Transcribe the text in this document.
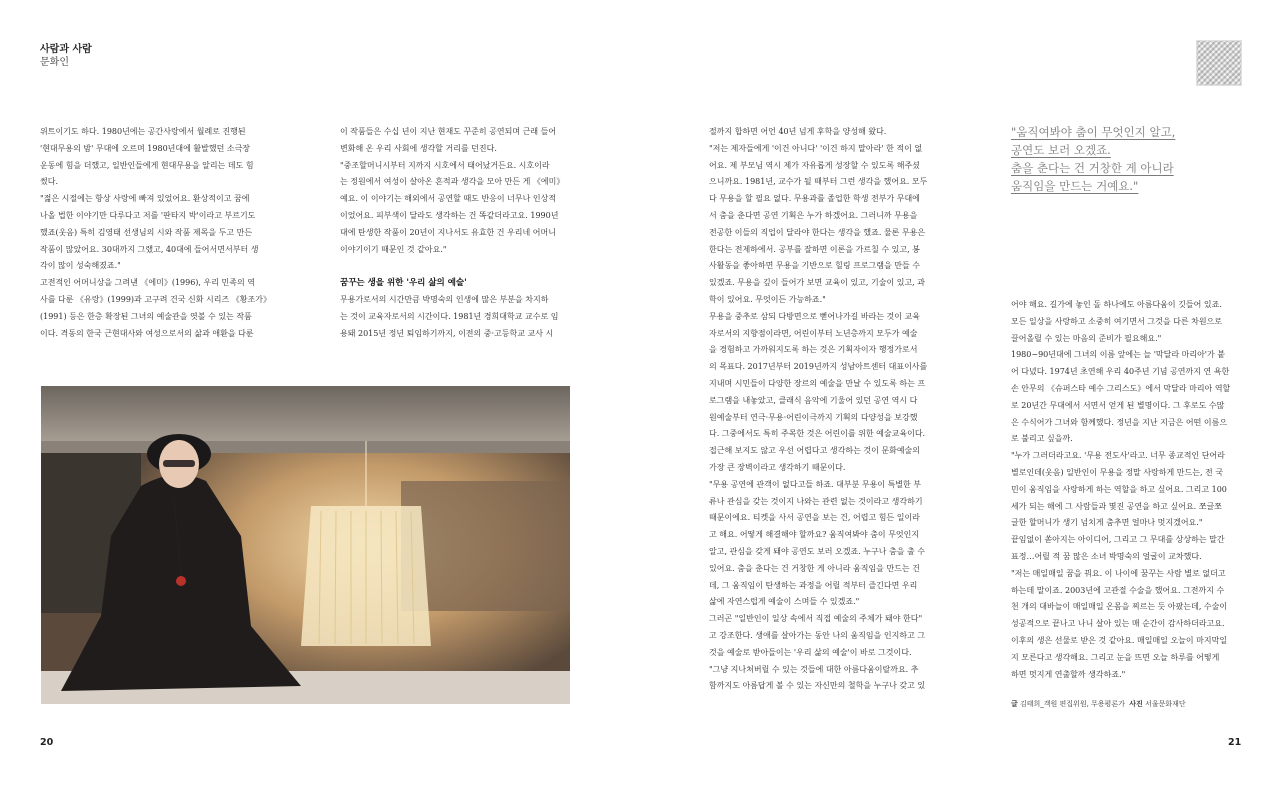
사람과 사람
문화인

위트이기도 하다. 1980년에는 공간사랑에서 월례로 진행된

'현대무용의 밤' 무대에 오르며 1980년대에 활발했던 소극장

운동에 힘을 더했고, 일반인들에게 현대무용을 알리는 데도 힘

썼다.

"젊은 시절에는 항상 사랑에 빠져 있었어요. 환상적이고 꿈에

나올 법한 이야기만 다루다고 저를 '판타지 박'이라고 부르기도

했죠(웃음) 특히 김영태 선생님의 시와 작품 제목을 두고 만든

작품이 많았어요. 30대까지 그랬고, 40대에 들어서면서부터 생

각이 많이 성숙해졌죠."

고전적인 어머니상을 그려낸 《에미》(1996), 우리 민족의 역

사를 다룬 《유랑》(1999)과 고구려 건국 신화 시리즈 《황조가》

(1991) 등은 한층 확장된 그녀의 예술관을 엿볼 수 있는 작품

이다. 격동의 한국 근현대사와 여성으로서의 삶과 애환을 다룬

이 작품들은 수십 년이 지난 현재도 꾸준히 공연되며 근래 들어

변화해 온 우리 사회에 생각할 거리를 던진다.

"중조할머니시부터 지까지 시호에서 태어났거든요. 시호이라

는 정원에서 여성이 살아온 흔적과 생각을 모아 만든 게 《에미》

예요. 이 이야기는 해외에서 공연할 때도 반응이 너무나 인상적

이었어요. 피부색이 달라도 생각하는 건 똑같더라고요. 1990년

대에 탄생한 작품이 20년이 지나서도 유효한 건 우리네 어머니

이야기이기 때문인 것 같아요."

꿈꾸는 생을 위한 '우리 삶의 예술'

무용가로서의 시간만큼 박명숙의 인생에 많은 부분을 차지하

는 것이 교육자로서의 시간이다. 1981년 경희대학교 교수로 임

용돼 2015년 정년 퇴임하기까지, 이전의 중·고등학교 교사 시

절까지 합하면 어언 40년 넘게 후학을 양성해 왔다.

"저는 제자들에게 '이건 아니다' '이건 하지 말아라' 한 적이 없

어요. 제 부모님 역시 제가 자유롭게 성장할 수 있도록 해주셨

으니까요. 1981년, 교수가 될 때부터 그런 생각을 했어요. 모두

다 무용을 할 필요 없다. 무용과를 졸업한 학생 전부가 무대에

서 춤을 춘다면 공연 기획은 누가 하겠어요. 그러니까 무용을

전공한 이들의 직업이 달라야 한다는 생각을 했죠. 물론 무용은

한다는 전제하에서. 공부를 잘하면 이론을 가르칠 수 있고, 봉

사활동을 좋아하면 무용을 기반으로 힐링 프로그램을 만들 수

있겠죠. 무용을 깊이 들어가 보면 교육이 있고, 기술이 있고, 과

학이 있어요. 무엇이든 가능하죠."

무용을 중추로 삼되 다방면으로 뻗어나가길 바라는 것이 교육

자로서의 지향점이라면, 어린이부터 노년층까지 모두가 예술

을 경험하고 가까워지도록 하는 것은 기획자이자 행정가로서

의 목표다. 2017년부터 2019년까지 성남아트센터 대표이사를

지내며 시민들이 다양한 장르의 예술을 만날 수 있도록 하는 프

로그램을 내놓았고, 클래식 음악에 기울어 있던 공연 역시 다

원예술부터 연극·무용·어린이극까지 기획의 다양성을 보강했

다. 그중에서도 특히 주목한 것은 어린이를 위한 예술교육이다.

접근해 보지도 않고 우선 어렵다고 생각하는 것이 문화예술의

가장 큰 장벽이라고 생각하기 때문이다.

"무용 공연에 관객이 없다고들 하죠. 대부분 무용이 특별한 부

류나 관심을 갖는 것이지 나와는 관련 없는 것이라고 생각하기

때문이에요. 티켓을 사서 공연을 보는 건, 어렵고 힘든 일이라

고 해요. 어떻게 해결해야 할까요? 움직여봐야 춤이 무엇인지

알고, 관심을 갖게 돼야 공연도 보러 오겠죠. 누구나 춤을 출 수

있어요. 춤을 춘다는 건 거창한 게 아니라 움직임을 만드는 건

데, 그 움직임이 탄생하는 과정을 어릴 적부터 즐긴다면 우리

삶에 자연스럽게 예술이 스며들 수 있겠죠."

그러곤 "일반인이 일상 속에서 직접 예술의 주체가 돼야 한다"

고 강조한다. 생애를 살아가는 동안 나의 움직임을 인지하고 그

것을 예술로 받아들이는 '우리 삶의 예술'이 바로 그것이다.

"그냥 지나쳐버릴 수 있는 것들에 대한 아름다움이랄까요. 추

함까지도 아름답게 볼 수 있는 자신만의 철학을 누구나 갖고 있

"움직여봐야 춤이 무엇인지 알고,
공연도 보러 오겠죠.
춤을 춘다는 건 거창한 게 아니라
움직임을 만드는 거예요."

어야 해요. 길가에 놓인 돌 하나에도 아름다움이 깃들어 있죠.

모든 일상을 사랑하고 소중히 여기면서 그것을 다른 차원으로

끌어올릴 수 있는 마음의 준비가 필요해요."

1980~90년대에 그녀의 이름 앞에는 늘 '막달라 마리아'가 붙

어 다녔다. 1974년 초연해 우리 40주년 기념 공연까지 연 욕한

손 안무의 《슈퍼스타 예수 그리스도》에서 막달라 마리아 역할

로 20년간 무대에서 서면서 얻게 된 별명이다. 그 후로도 수많

은 수식어가 그녀와 함께했다. 정년을 지난 지금은 어떤 이름으

로 불리고 싶을까.

"누가 그러더라고요. '무용 전도사'라고. 너무 종교적인 단어라

별로인데(웃음) 일반인이 무용을 정말 사랑하게 만드는, 전 국

민이 움직임을 사랑하게 하는 역할을 하고 싶어요. 그리고 100

세가 되는 해에 그 사람들과 몇진 공연을 하고 싶어요. 쪼글쪼

글한 할머니가 생기 넘치게 춤추면 얼마나 멋지겠어요."

끝임없이 쏟아지는 아이디어, 그리고 그 무대를 상상하는 말간

표정…어릴 적 꿈 많은 소녀 박명숙의 얼굴이 교차했다.

"저는 매일매일 꿈을 꿔요. 이 나이에 꿈꾸는 사람 별로 없더고

하는데 말이죠. 2003년에 고관절 수술을 했어요. 그전까지 수

천 개의 대바늘이 매일매일 온몸을 찌르는 듯 아팠는데, 수술이

성공적으로 끝나고 나니 살아 있는 매 순간이 감사하더라고요.

이후의 생은 선물로 받은 것 같아요. 매일매일 오늘이 마지막일

지 모른다고 생각해요. 그리고 눈을 뜨면 오늘 하루를 어떻게

하면 멋지게 연출할까 생각하죠."

글 김태희_객원 편집위원, 무용평론가 사진 서울문화재단
20	21
